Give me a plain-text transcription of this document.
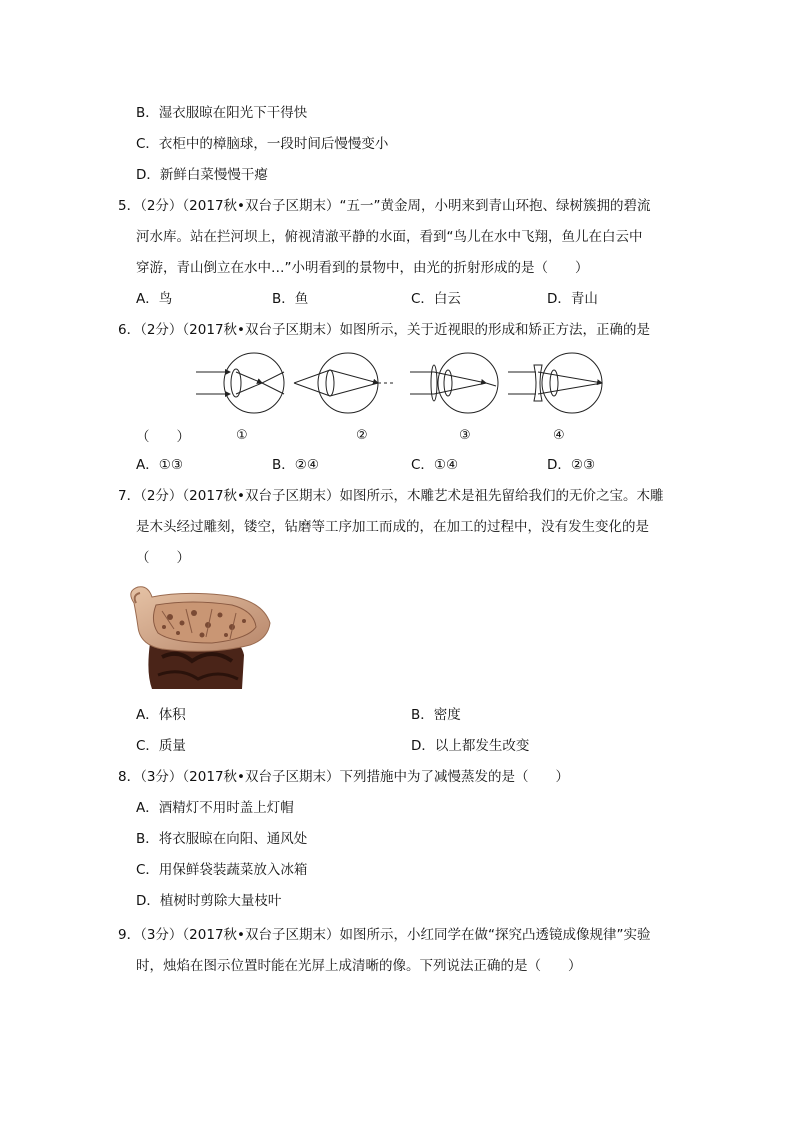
B．湿衣服晾在阳光下干得快
C．衣柜中的樟脑球，一段时间后慢慢变小
D．新鲜白菜慢慢干瘪
5．（2分）（2017秋•双台子区期末）“五一”黄金周，小明来到青山环抱、绿树簇拥的碧流
河水库。站在拦河坝上，俯视清澈平静的水面，看到“鸟儿在水中飞翔，鱼儿在白云中
穿游，青山倒立在水中…”小明看到的景物中，由光的折射形成的是（　　）
A．鸟	B．鱼	C．白云	D．青山
6．（2分）（2017秋•双台子区期末）如图所示，关于近视眼的形成和矫正方法，正确的是
（　　）	①	②	③	④
A．①③	B．②④	C．①④	D．②③
7．（2分）（2017秋•双台子区期末）如图所示，木雕艺术是祖先留给我们的无价之宝。木雕
是木头经过雕刻，镂空，钻磨等工序加工而成的，在加工的过程中，没有发生变化的是
（　　）
A．体积	B．密度
C．质量	D．以上都发生改变
8．（3分）（2017秋•双台子区期末）下列措施中为了减慢蒸发的是（　　）
A．酒精灯不用时盖上灯帽
B．将衣服晾在向阳、通风处
C．用保鲜袋装蔬菜放入冰箱
D．植树时剪除大量枝叶
9．（3分）（2017秋•双台子区期末）如图所示，小红同学在做“探究凸透镜成像规律”实验
时，烛焰在图示位置时能在光屏上成清晰的像。下列说法正确的是（　　）
